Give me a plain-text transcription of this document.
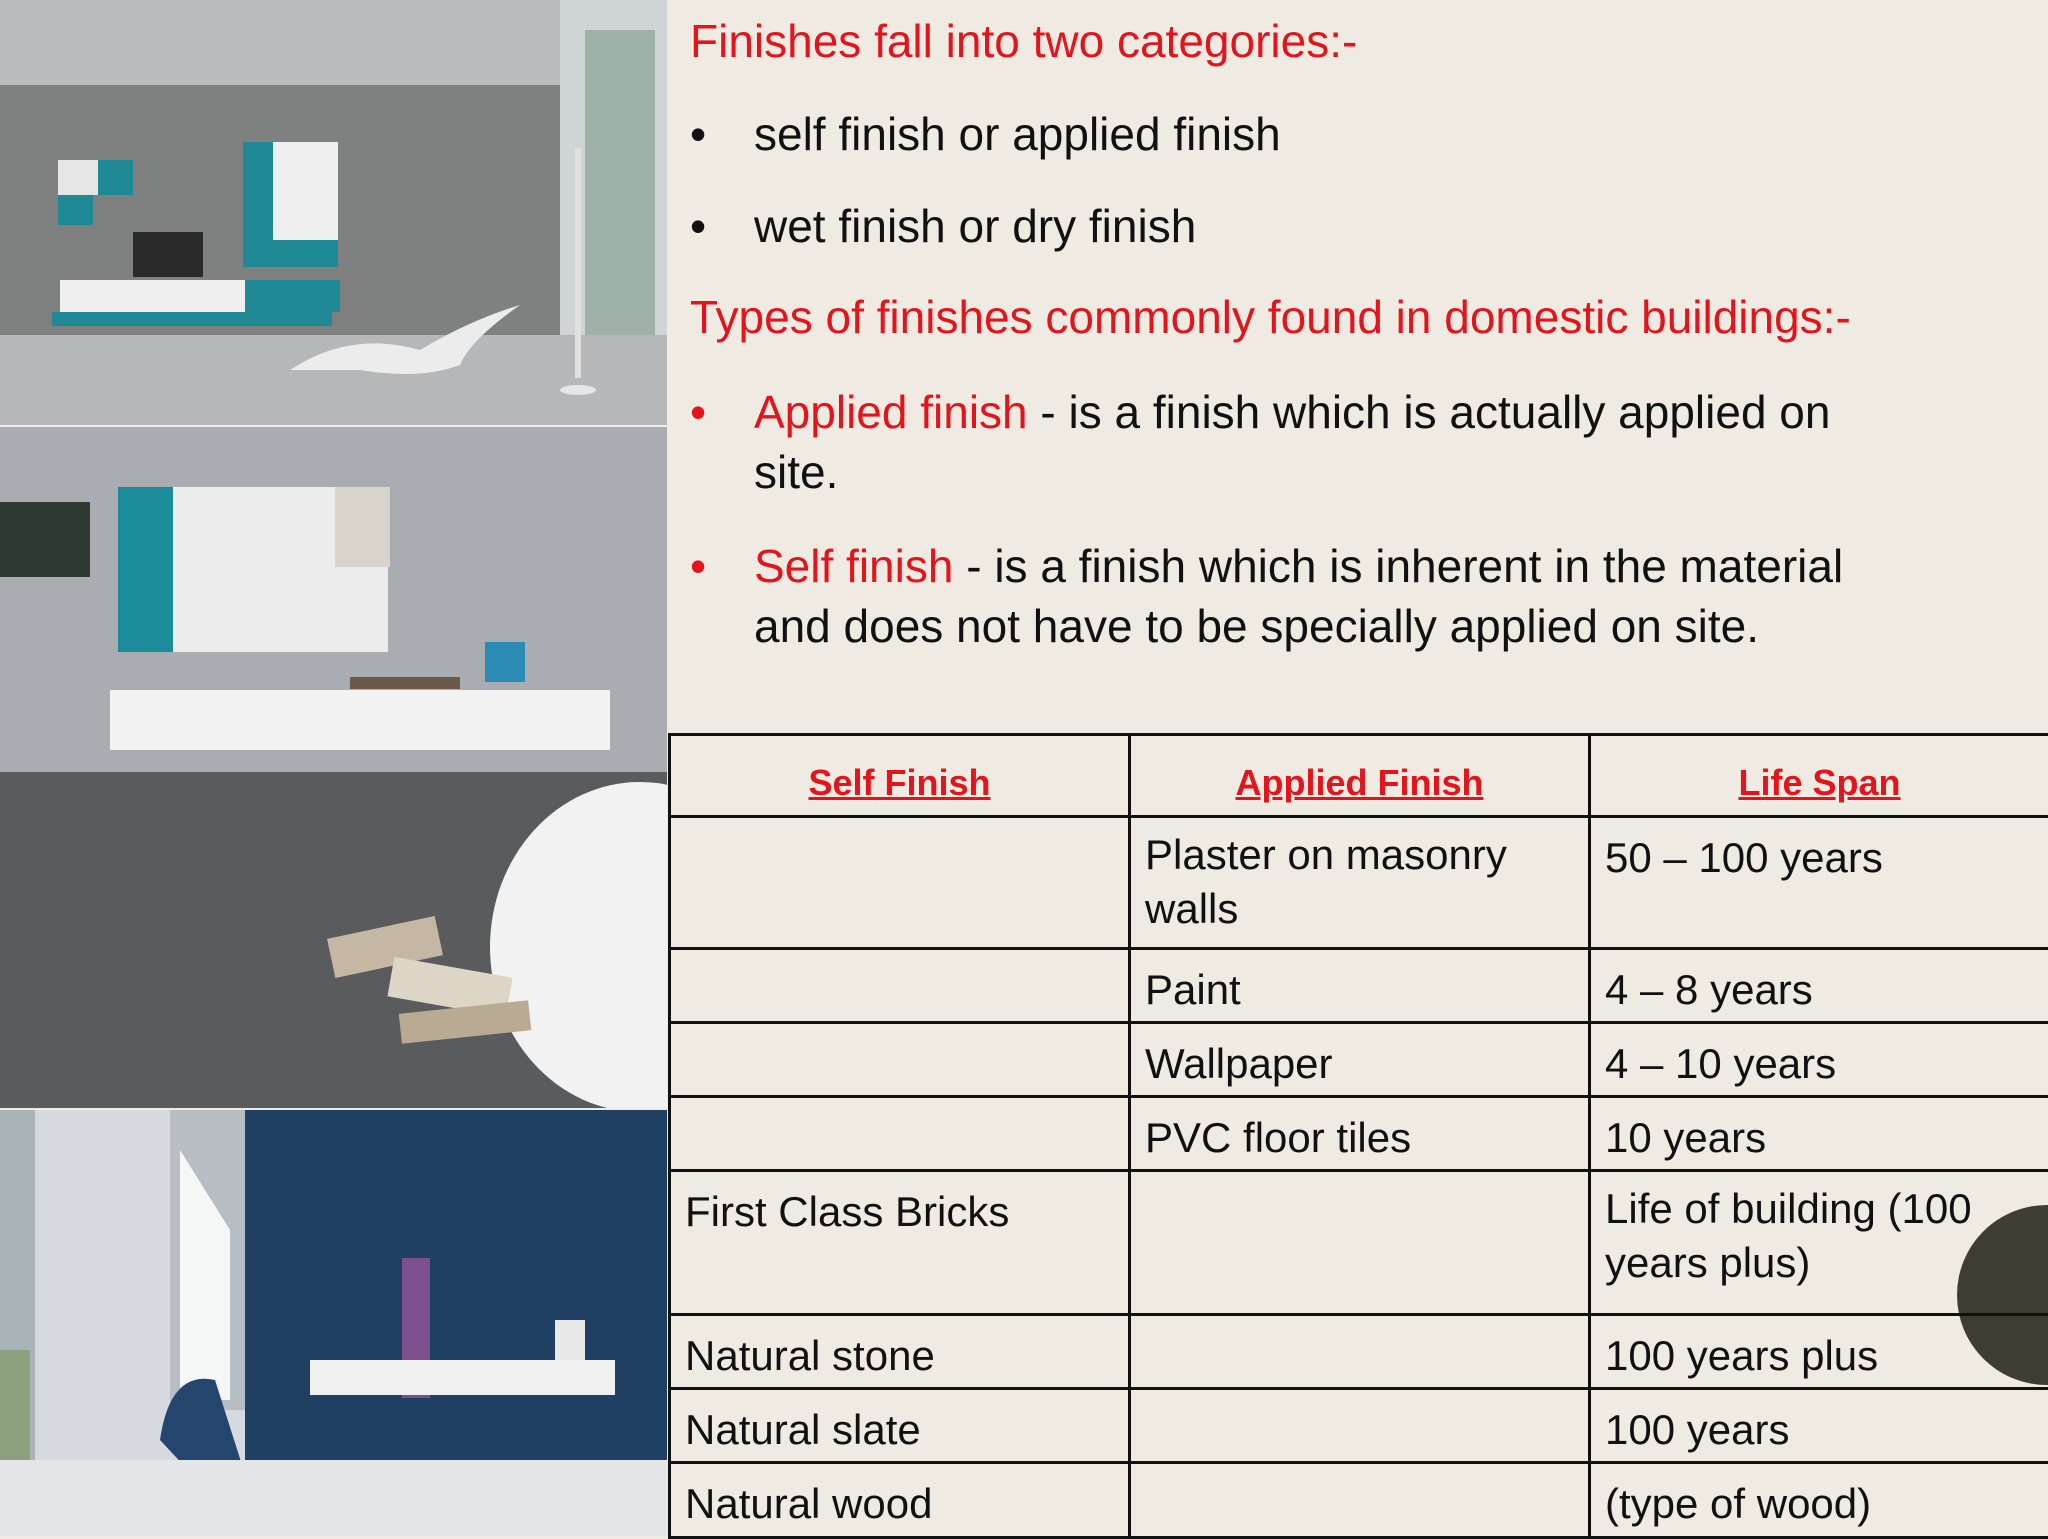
Finishes fall into two categories:-
•	self finish or applied finish
•	wet finish or dry finish
Types of finishes commonly found in domestic buildings:-
•	Applied finish - is a finish which is actually applied on
site.
•	Self finish - is a finish which is inherent in the material
and does not have to be specially applied on site.
Self Finish	Applied Finish	Life Span
	Plaster on masonry walls	50 – 100 years
	Paint	4 – 8 years
	Wallpaper	4 – 10 years
	PVC floor tiles	10 years
First Class Bricks		Life of building (100 years plus)
Natural stone		100 years plus
Natural slate		100 years
Natural wood		(type of wood)
